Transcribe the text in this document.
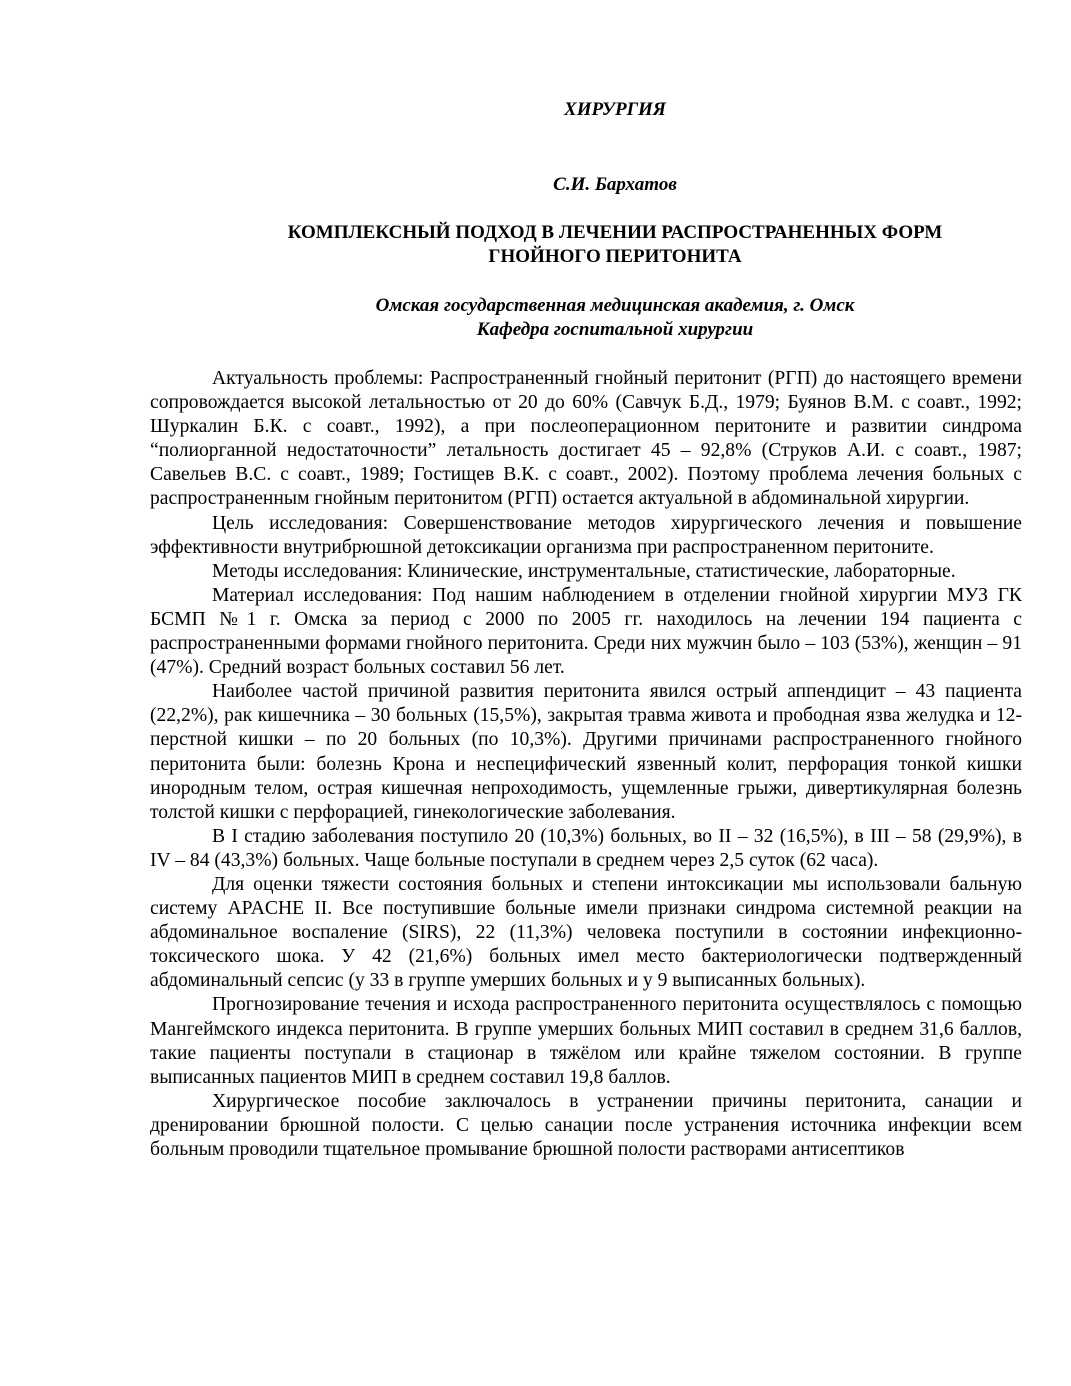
ХИРУРГИЯ

С.И. Бархатов

КОМПЛЕКСНЫЙ ПОДХОД В ЛЕЧЕНИИ РАСПРОСТРАНЕННЫХ ФОРМ
ГНОЙНОГО ПЕРИТОНИТА
Омская государственная медицинская академия, г. Омск
Кафедра госпитальной хирургии

Актуальность проблемы: Распространенный гнойный перитонит (РГП) до настоящего времени сопровождается высокой летальностью от 20 до 60% (Савчук Б.Д., 1979; Буянов В.М. с соавт., 1992; Шуркалин Б.К. с соавт., 1992), а при послеоперационном перитоните и развитии синдрома “полиорганной недостаточности” летальность достигает 45 – 92,8% (Струков А.И. с соавт., 1987; Савельев В.С. с соавт., 1989; Гостищев В.К. с соавт., 2002). Поэтому проблема лечения больных с распространенным гнойным перитонитом (РГП) остается актуальной в абдоминальной хирургии.

Цель исследования: Совершенствование методов хирургического лечения и повышение эффективности внутрибрюшной детоксикации организма при распространенном перитоните.

Методы исследования: Клинические, инструментальные, статистические, лабораторные.

Материал исследования: Под нашим наблюдением в отделении гнойной хирургии МУЗ ГК БСМП №1 г. Омска за период с 2000 по 2005 гг. находилось на лечении 194 пациента с распространенными формами гнойного перитонита. Среди них мужчин было – 103 (53%), женщин – 91 (47%). Средний возраст больных составил 56 лет.

Наиболее частой причиной развития перитонита явился острый аппендицит – 43 пациента (22,2%), рак кишечника – 30 больных (15,5%), закрытая травма живота и прободная язва желудка и 12-перстной кишки – по 20 больных (по 10,3%). Другими причинами распространенного гнойного перитонита были: болезнь Крона и неспецифический язвенный колит, перфорация тонкой кишки инородным телом, острая кишечная непроходимость, ущемленные грыжи, дивертикулярная болезнь толстой кишки с перфорацией, гинекологические заболевания.

В I стадию заболевания поступило 20 (10,3%) больных, во II – 32 (16,5%), в III – 58 (29,9%), в IV – 84 (43,3%) больных. Чаще больные поступали в среднем через 2,5 суток (62 часа).

Для оценки тяжести состояния больных и степени интоксикации мы использовали бальную систему APACHE II. Все поступившие больные имели признаки синдрома системной реакции на абдоминальное воспаление (SIRS), 22 (11,3%) человека поступили в состоянии инфекционно-токсического шока. У 42 (21,6%) больных имел место бактериологически подтвержденный абдоминальный сепсис (у 33 в группе умерших больных и у 9 выписанных больных).

Прогнозирование течения и исхода распространенного перитонита осуществлялось с помощью Мангеймского индекса перитонита. В группе умерших больных МИП составил в среднем 31,6 баллов, такие пациенты поступали в стационар в тяжёлом или крайне тяжелом состоянии. В группе выписанных пациентов МИП в среднем составил 19,8 баллов.

Хирургическое пособие заключалось в устранении причины перитонита, санации и дренировании брюшной полости. С целью санации после устранения источника инфекции всем больным проводили тщательное промывание брюшной полости растворами антисептиков
